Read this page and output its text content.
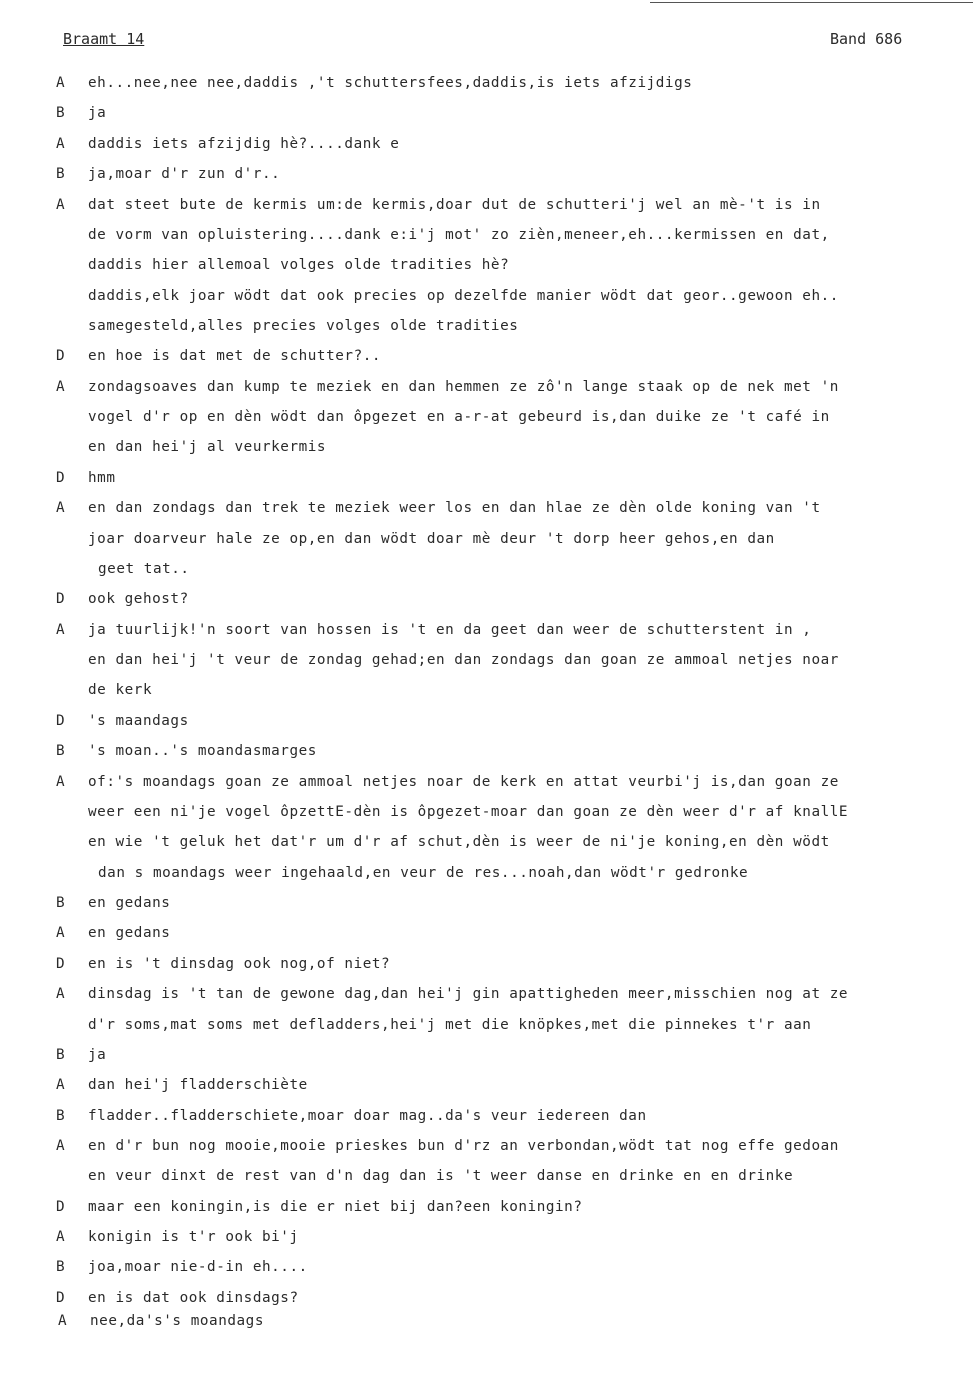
Braamt 14	Band 686
A eh...nee,nee nee,daddis ,'t schuttersfees,daddis,is iets afzijdigs
B ja
A daddis iets afzijdig hè?....dank e
B ja,moar d'r zun d'r..
A dat steet bute de kermis um:de kermis,doar dut de schutteri'j wel an mè-'t is in
de vorm van opluistering....dank e:i'j mot' zo zièn,meneer,eh...kermissen en dat,
daddis hier allemoal volges olde tradities hè?
daddis,elk joar wödt dat ook precies op dezelfde manier wödt dat geor..gewoon eh..
samegesteld,alles precies volges olde tradities
D en hoe is dat met de schutter?..
A zondagsoaves dan kump te meziek en dan hemmen ze zô'n lange staak op de nek met 'n
vogel d'r op en dèn wödt dan ôpgezet en a-r-at gebeurd is,dan duike ze 't café in
en dan hei'j al veurkermis
D hmm
A en dan zondags dan trek te meziek weer los en dan hlae ze dèn olde koning van 't
joar doarveur hale ze op,en dan wödt doar mè deur 't dorp heer gehos,en dan
geet tat..
D ook gehost?
A ja tuurlijk!'n soort van hossen is 't en da geet dan weer de schutterstent in ,
en dan hei'j 't veur de zondag gehad;en dan zondags dan goan ze ammoal netjes noar
de kerk
D 's maandags
B 's moan..'s moandasmarges
A of:'s moandags goan ze ammoal netjes noar de kerk en attat veurbi'j is,dan goan ze
weer een ni'je vogel ôpzettE-dèn is ôpgezet-moar dan goan ze dèn weer d'r af knallE
en wie 't geluk het dat'r um d'r af schut,dèn is weer de ni'je koning,en dèn wödt
dan s moandags weer ingehaald,en veur de res...noah,dan wödt'r gedronke
B en gedans
A en gedans
D en is 't dinsdag ook nog,of niet?
A dinsdag is 't tan de gewone dag,dan hei'j gin apattigheden meer,misschien nog at ze
d'r soms,mat soms met defladders,hei'j met die knöpkes,met die pinnekes t'r aan
B ja
A dan hei'j fladderschiète
B fladder..fladderschiete,moar doar mag..da's veur iedereen dan
A en d'r bun nog mooie,mooie prieskes bun d'rz an verbondan,wödt tat nog effe gedoan
en veur dinxt de rest van d'n dag dan is 't weer danse en drinke en en drinke
D maar een koningin,is die er niet bij dan?een koningin?
A konigin is t'r ook bi'j
B joa,moar nie-d-in eh....
D en is dat ook dinsdags?
A nee,da's's moandags
